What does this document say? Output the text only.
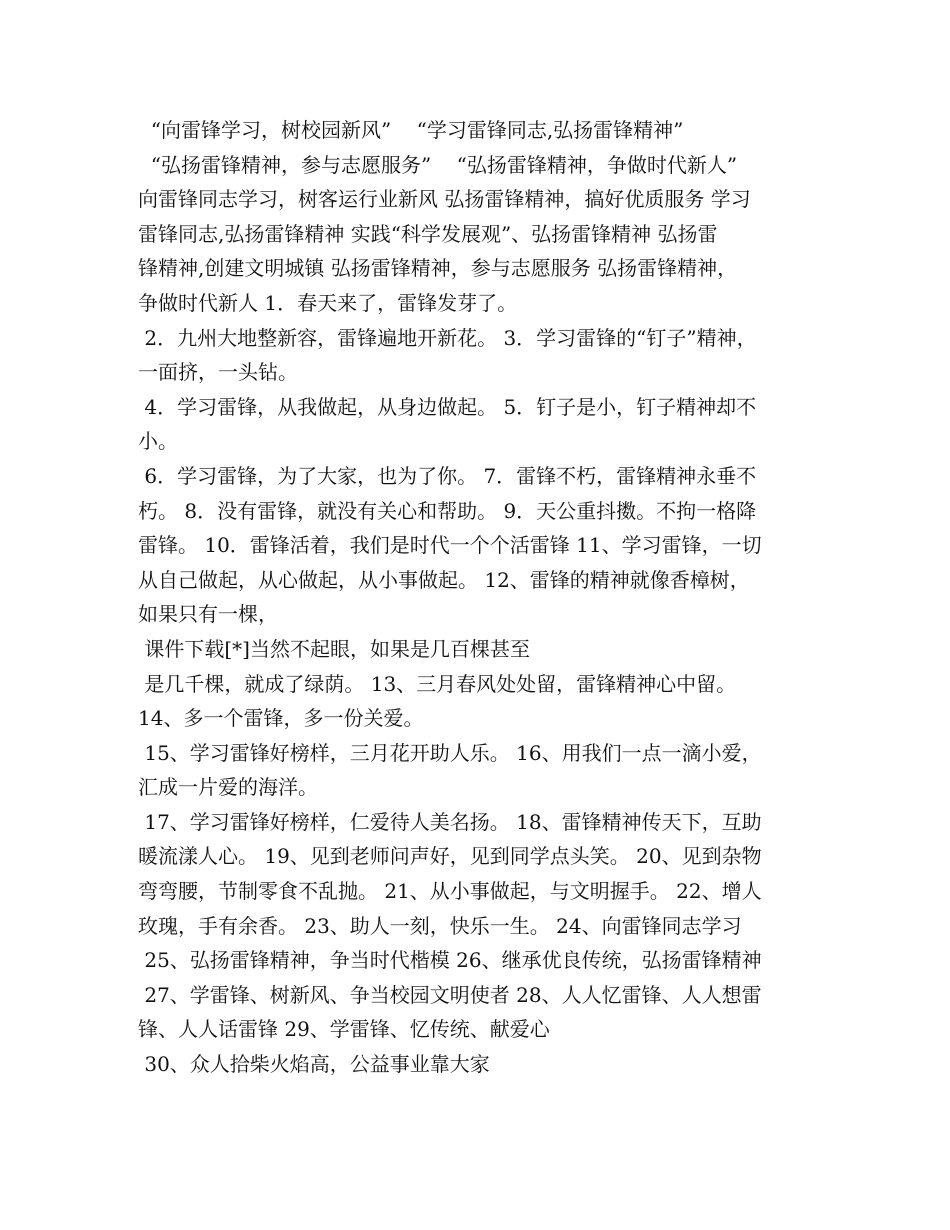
“向雷锋学习，树校园新风”    “学习雷锋同志,弘扬雷锋精神”
“弘扬雷锋精神，参与志愿服务”    “弘扬雷锋精神，争做时代新人”
向雷锋同志学习，树客运行业新风 弘扬雷锋精神，搞好优质服务 学习
雷锋同志,弘扬雷锋精神 实践“科学发展观”、弘扬雷锋精神 弘扬雷
锋精神,创建文明城镇 弘扬雷锋精神，参与志愿服务 弘扬雷锋精神，
争做时代新人 1．春天来了，雷锋发芽了。
2．九州大地整新容，雷锋遍地开新花。 3．学习雷锋的“钉子”精神，
一面挤，一头钻。
4．学习雷锋，从我做起，从身边做起。 5．钉子是小，钉子精神却不
小。
6．学习雷锋，为了大家，也为了你。 7．雷锋不朽，雷锋精神永垂不
朽。 8．没有雷锋，就没有关心和帮助。 9．天公重抖擞。不拘一格降
雷锋。 10．雷锋活着，我们是时代一个个活雷锋 11、学习雷锋，一切
从自己做起，从心做起，从小事做起。 12、雷锋的精神就像香樟树，
如果只有一棵，
课件下载[*]当然不起眼，如果是几百棵甚至
是几千棵，就成了绿荫。 13、三月春风处处留，雷锋精神心中留。
14、多一个雷锋，多一份关爱。
15、学习雷锋好榜样，三月花开助人乐。 16、用我们一点一滴小爱，
汇成一片爱的海洋。
17、学习雷锋好榜样，仁爱待人美名扬。 18、雷锋精神传天下，互助
暖流漾人心。 19、见到老师问声好，见到同学点头笑。 20、见到杂物
弯弯腰，节制零食不乱抛。 21、从小事做起，与文明握手。 22、增人
玫瑰，手有余香。 23、助人一刻，快乐一生。 24、向雷锋同志学习
25、弘扬雷锋精神，争当时代楷模 26、继承优良传统，弘扬雷锋精神
27、学雷锋、树新风、争当校园文明使者 28、人人忆雷锋、人人想雷
锋、人人话雷锋 29、学雷锋、忆传统、献爱心
30、众人拾柴火焰高，公益事业靠大家
